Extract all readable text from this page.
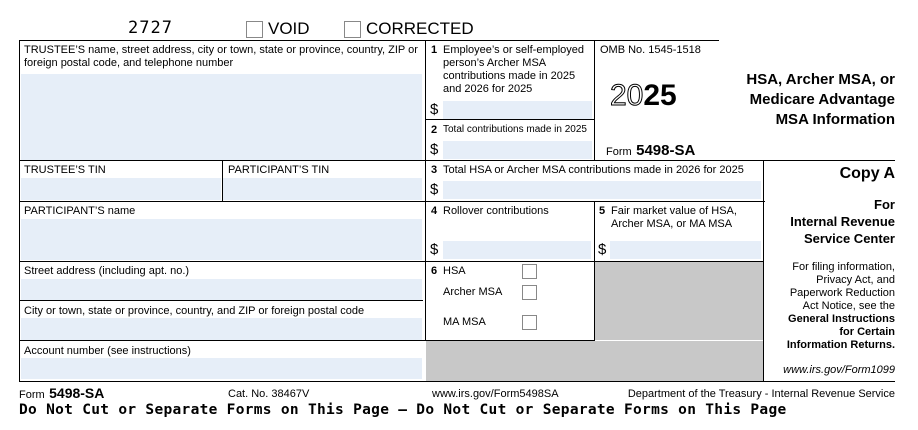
2727	VOID	CORRECTED
TRUSTEE’S name, street address, city or town, state or province, country, ZIP or foreign postal code, and telephone number
1 Employee’s or self-employed person’s Archer MSA contributions made in 2025 and 2026 for 2025
$
2 Total contributions made in 2025
$
OMB No. 1545-1518
2025
Form 5498-SA
HSA, Archer MSA, or
Medicare Advantage
MSA Information
TRUSTEE’S TIN	PARTICIPANT’S TIN	3 Total HSA or Archer MSA contributions made in 2026 for 2025
$
Copy A
For
Internal Revenue
Service Center
PARTICIPANT’S name	4 Rollover contributions
$
5 Fair market value of HSA, Archer MSA, or MA MSA
$
Street address (including apt. no.)	6 HSA
Archer MSA
MA MSA
For filing information,
Privacy Act, and
Paperwork Reduction
Act Notice, see the
General Instructions
for Certain
Information Returns.
www.irs.gov/Form1099
City or town, state or province, country, and ZIP or foreign postal code
Account number (see instructions)
Form 5498-SA	Cat. No. 38467V	www.irs.gov/Form5498SA	Department of the Treasury - Internal Revenue Service
Do Not Cut or Separate Forms on This Page — Do Not Cut or Separate Forms on This Page
